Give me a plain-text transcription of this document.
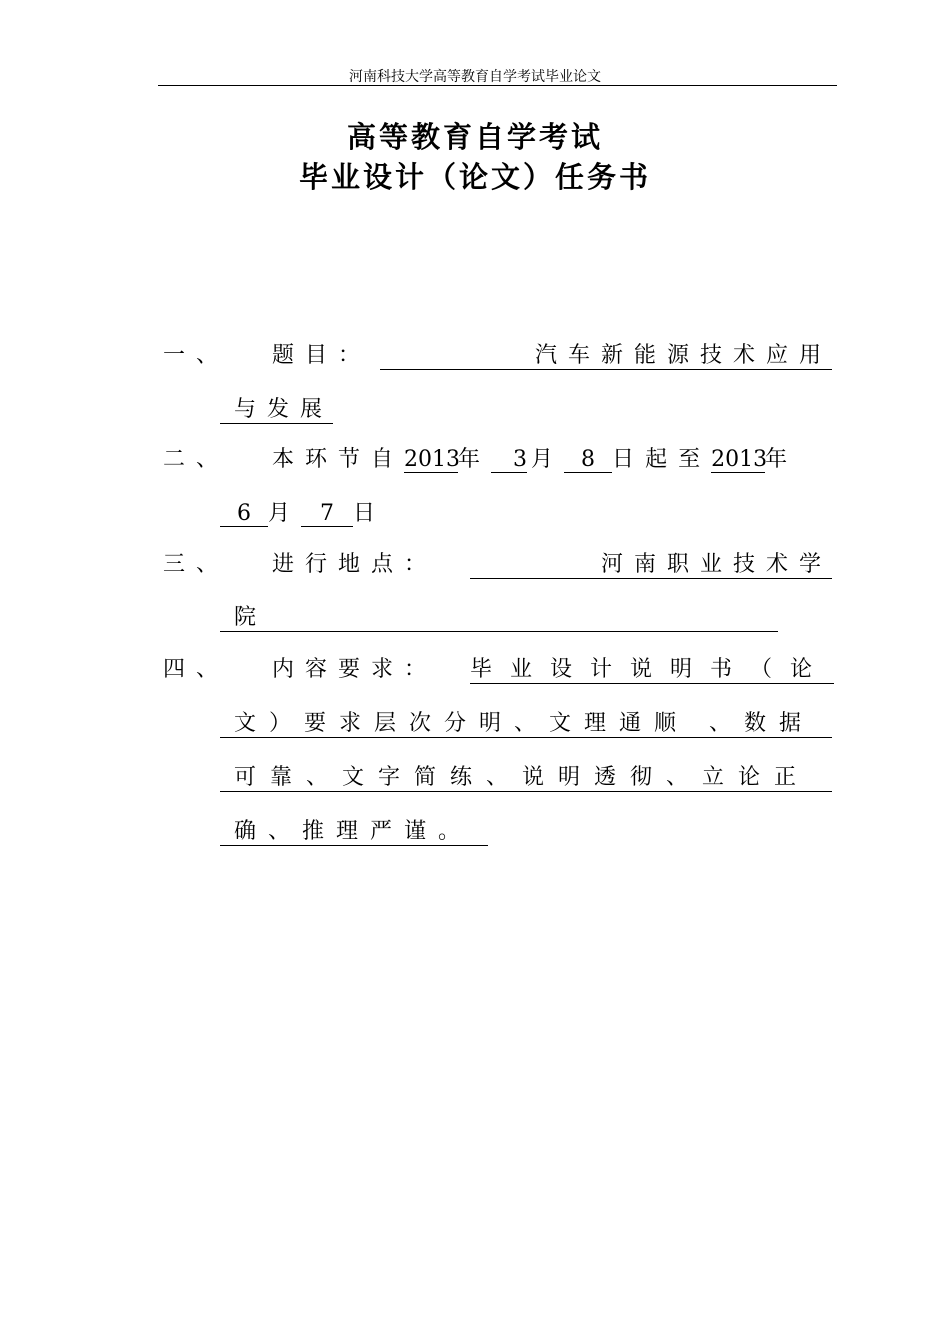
河南科技大学高等教育自学考试毕业论文
高等教育自学考试
毕业设计（论文）任务书
一、 题目：	汽车新能源技术应用
与发展
二、 本环节自2013年 3 月 8 日起至2013年
6 月 7 日
三、 进行地点：	河南职业技术学
院
四、 内容要求： 毕业设计说明书（论
文）要求层次分明、文理通顺 、数据
可靠、文字简练、说明透彻、立论正
确、推理严谨。
